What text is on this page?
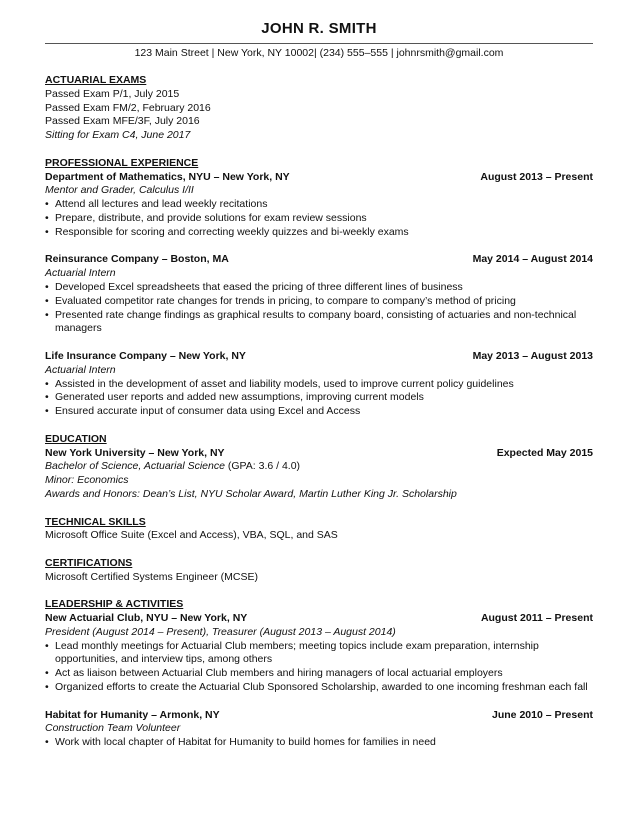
JOHN R. SMITH
123 Main Street | New York, NY 10002| (234) 555–555 | johnrsmith@gmail.com
ACTUARIAL EXAMS
Passed Exam P/1, July 2015
Passed Exam FM/2, February 2016
Passed Exam MFE/3F, July 2016
Sitting for Exam C4, June 2017
PROFESSIONAL EXPERIENCE
Department of Mathematics, NYU – New York, NY	August 2013 – Present
Mentor and Grader, Calculus I/II
• Attend all lectures and lead weekly recitations
• Prepare, distribute, and provide solutions for exam review sessions
• Responsible for scoring and correcting weekly quizzes and bi-weekly exams
Reinsurance Company – Boston, MA	May 2014 – August 2014
Actuarial Intern
• Developed Excel spreadsheets that eased the pricing of three different lines of business
• Evaluated competitor rate changes for trends in pricing, to compare to company’s method of pricing
• Presented rate change findings as graphical results to company board, consisting of actuaries and non-technical managers
Life Insurance Company – New York, NY	May 2013 – August 2013
Actuarial Intern
• Assisted in the development of asset and liability models, used to improve current policy guidelines
• Generated user reports and added new assumptions, improving current models
• Ensured accurate input of consumer data using Excel and Access
EDUCATION
New York University – New York, NY	Expected May 2015
Bachelor of Science, Actuarial Science (GPA: 3.6 / 4.0)
Minor: Economics
Awards and Honors: Dean’s List, NYU Scholar Award, Martin Luther King Jr. Scholarship
TECHNICAL SKILLS
Microsoft Office Suite (Excel and Access), VBA, SQL, and SAS
CERTIFICATIONS
Microsoft Certified Systems Engineer (MCSE)
LEADERSHIP & ACTIVITIES
New Actuarial Club, NYU – New York, NY	August 2011 – Present
President (August 2014 – Present), Treasurer (August 2013 – August 2014)
• Lead monthly meetings for Actuarial Club members; meeting topics include exam preparation, internship opportunities, and interview tips, among others
• Act as liaison between Actuarial Club members and hiring managers of local actuarial employers
• Organized efforts to create the Actuarial Club Sponsored Scholarship, awarded to one incoming freshman each fall
Habitat for Humanity – Armonk, NY	June 2010 – Present
Construction Team Volunteer
• Work with local chapter of Habitat for Humanity to build homes for families in need
